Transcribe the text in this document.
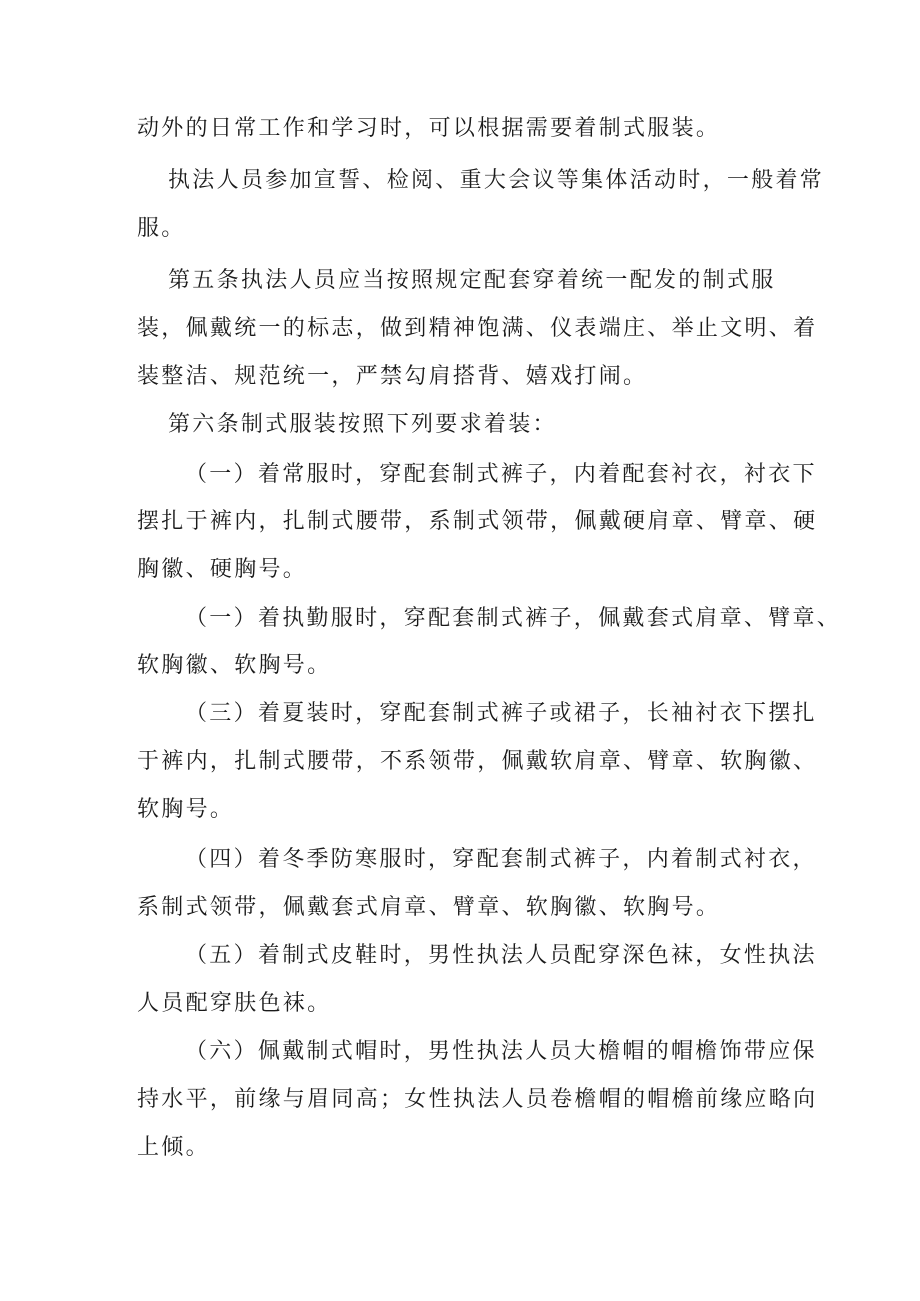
动外的日常工作和学习时，可以根据需要着制式服装。
执法人员参加宣誓、检阅、重大会议等集体活动时，一般着常
服。
第五条执法人员应当按照规定配套穿着统一配发的制式服
装，佩戴统一的标志，做到精神饱满、仪表端庄、举止文明、着
装整洁、规范统一，严禁勾肩搭背、嬉戏打闹。
第六条制式服装按照下列要求着装：
（一）着常服时，穿配套制式裤子，内着配套衬衣，衬衣下
摆扎于裤内，扎制式腰带，系制式领带，佩戴硬肩章、臂章、硬
胸徽、硬胸号。
（一）着执勤服时，穿配套制式裤子，佩戴套式肩章、臂章、
软胸徽、软胸号。
（三）着夏装时，穿配套制式裤子或裙子，长袖衬衣下摆扎
于裤内，扎制式腰带，不系领带，佩戴软肩章、臂章、软胸徽、
软胸号。
（四）着冬季防寒服时，穿配套制式裤子，内着制式衬衣，
系制式领带，佩戴套式肩章、臂章、软胸徽、软胸号。
（五）着制式皮鞋时，男性执法人员配穿深色袜，女性执法
人员配穿肤色袜。
（六）佩戴制式帽时，男性执法人员大檐帽的帽檐饰带应保
持水平，前缘与眉同高；女性执法人员卷檐帽的帽檐前缘应略向
上倾。
